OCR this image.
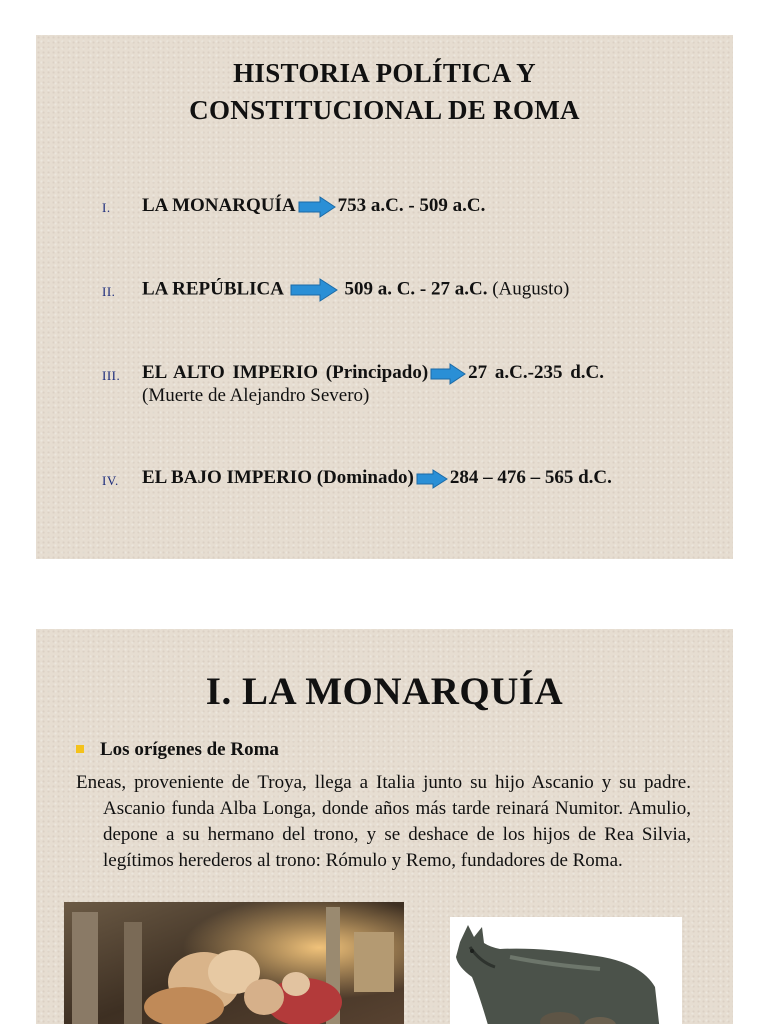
HISTORIA POLÍTICA Y
CONSTITUCIONAL DE ROMA
I. LA MONARQUÍA 753 a.C. - 509 a.C.
II. LA REPÚBLICA	509 a. C. - 27 a.C. (Augusto)
III. EL ALTO IMPERIO (Principado) 27 a.C.-235 d.C.
(Muerte de Alejandro Severo)
IV. EL BAJO IMPERIO (Dominado) 284 – 476 – 565 d.C.
I. LA MONARQUÍA
Los orígenes de Roma
Eneas, proveniente de Troya, llega a Italia junto su hijo Ascanio y su padre. Ascanio funda Alba Longa, donde años más tarde reinará Numitor. Amulio, depone a su hermano del trono, y se deshace de los hijos de Rea Silvia, legítimos herederos al trono: Rómulo y Remo, fundadores de Roma.
